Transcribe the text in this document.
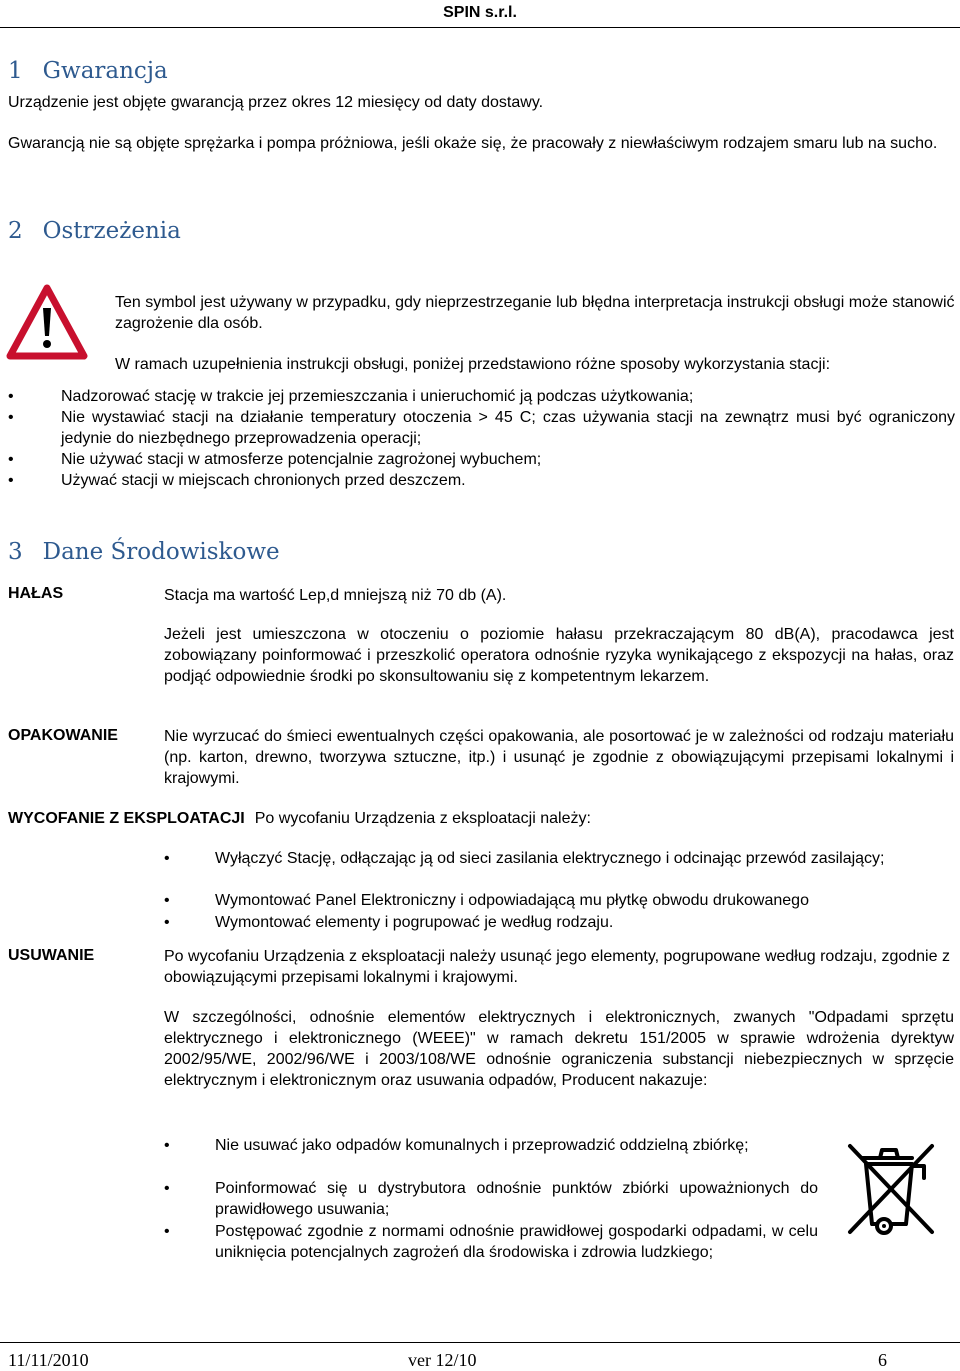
SPIN s.r.l.
1 Gwarancja
Urządzenie jest objęte gwarancją przez okres 12 miesięcy od daty dostawy.
Gwarancją nie są objęte sprężarka i pompa próżniowa, jeśli okaże się, że pracowały z niewłaściwym rodzajem smaru lub na sucho.
2 Ostrzeżenia
Ten symbol jest używany w przypadku, gdy nieprzestrzeganie lub błędna interpretacja instrukcji obsługi może stanowić zagrożenie dla osób.
W ramach uzupełnienia instrukcji obsługi, poniżej przedstawiono różne sposoby wykorzystania stacji:
•	Nadzorować stację w trakcie jej przemieszczania i unieruchomić ją podczas użytkowania;
•	Nie wystawiać stacji na działanie temperatury otoczenia > 45 C; czas używania stacji na zewnątrz musi być ograniczony jedynie do niezbędnego przeprowadzenia operacji;
•	Nie używać stacji w atmosferze potencjalnie zagrożonej wybuchem;
•	Używać stacji w miejscach chronionych przed deszczem.
3 Dane Środowiskowe
HAŁAS	Stacja ma wartość Lep,d mniejszą niż 70 db (A).
Jeżeli jest umieszczona w otoczeniu o poziomie hałasu przekraczającym 80 dB(A), pracodawca jest zobowiązany poinformować i przeszkolić operatora odnośnie ryzyka wynikającego z ekspozycji na hałas, oraz podjąć odpowiednie środki po skonsultowaniu się z kompetentnym lekarzem.
OPAKOWANIE	Nie wyrzucać do śmieci ewentualnych części opakowania, ale posortować je w zależności od rodzaju materiału (np. karton, drewno, tworzywa sztuczne, itp.) i usunąć je zgodnie z obowiązującymi przepisami lokalnymi i krajowymi.
WYCOFANIE Z EKSPLOATACJI Po wycofaniu Urządzenia z eksploatacji należy:
•	Wyłączyć Stację, odłączając ją od sieci zasilania elektrycznego i odcinając przewód zasilający;
•	Wymontować Panel Elektroniczny i odpowiadającą mu płytkę obwodu drukowanego
•	Wymontować elementy i pogrupować je według rodzaju.
USUWANIE	Po wycofaniu Urządzenia z eksploatacji należy usunąć jego elementy, pogrupowane według rodzaju, zgodnie z obowiązującymi przepisami lokalnymi i krajowymi.
W szczególności, odnośnie elementów elektrycznych i elektronicznych, zwanych "Odpadami sprzętu elektrycznego i elektronicznego (WEEE)" w ramach dekretu 151/2005 w sprawie wdrożenia dyrektyw 2002/95/WE, 2002/96/WE i 2003/108/WE odnośnie ograniczenia substancji niebezpiecznych w sprzęcie elektrycznym i elektronicznym oraz usuwania odpadów, Producent nakazuje:
•	Nie usuwać jako odpadów komunalnych i przeprowadzić oddzielną zbiórkę;
•	Poinformować się u dystrybutora odnośnie punktów zbiórki upoważnionych do prawidłowego usuwania;
•	Postępować zgodnie z normami odnośnie prawidłowej gospodarki odpadami, w celu uniknięcia potencjalnych zagrożeń dla środowiska i zdrowia ludzkiego;
11/11/2010	ver 12/10	6
